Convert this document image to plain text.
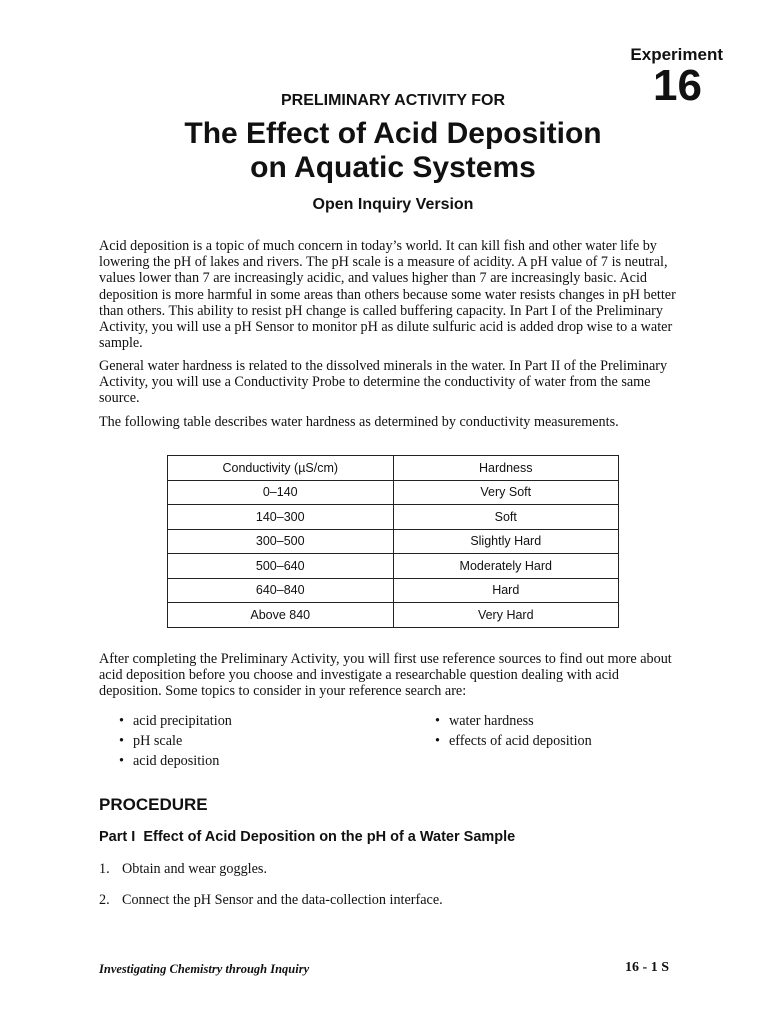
Experiment
16
PRELIMINARY ACTIVITY FOR
The Effect of Acid Deposition
on Aquatic Systems
Open Inquiry Version

Acid deposition is a topic of much concern in today’s world. It can kill fish and other water life by lowering the pH of lakes and rivers. The pH scale is a measure of acidity. A pH value of 7 is neutral, values lower than 7 are increasingly acidic, and values higher than 7 are increasingly basic. Acid deposition is more harmful in some areas than others because some water resists changes in pH better than others. This ability to resist pH change is called buffering capacity. In Part I of the Preliminary Activity, you will use a pH Sensor to monitor pH as dilute sulfuric acid is added drop wise to a water sample.

General water hardness is related to the dissolved minerals in the water. In Part II of the Preliminary Activity, you will use a Conductivity Probe to determine the conductivity of water from the same source.

The following table describes water hardness as determined by conductivity measurements.

Conductivity (µS/cm)	Hardness
0–140	Very Soft
140–300	Soft
300–500	Slightly Hard
500–640	Moderately Hard
640–840	Hard
Above 840	Very Hard

After completing the Preliminary Activity, you will first use reference sources to find out more about acid deposition before you choose and investigate a researchable question dealing with acid deposition. Some topics to consider in your reference search are:

• acid precipitation
• pH scale
• acid deposition
• water hardness
• effects of acid deposition
PROCEDURE
Part I  Effect of Acid Deposition on the pH of a Water Sample
1. Obtain and wear goggles.
2. Connect the pH Sensor and the data-collection interface.
Investigating Chemistry through Inquiry	16 - 1 S
